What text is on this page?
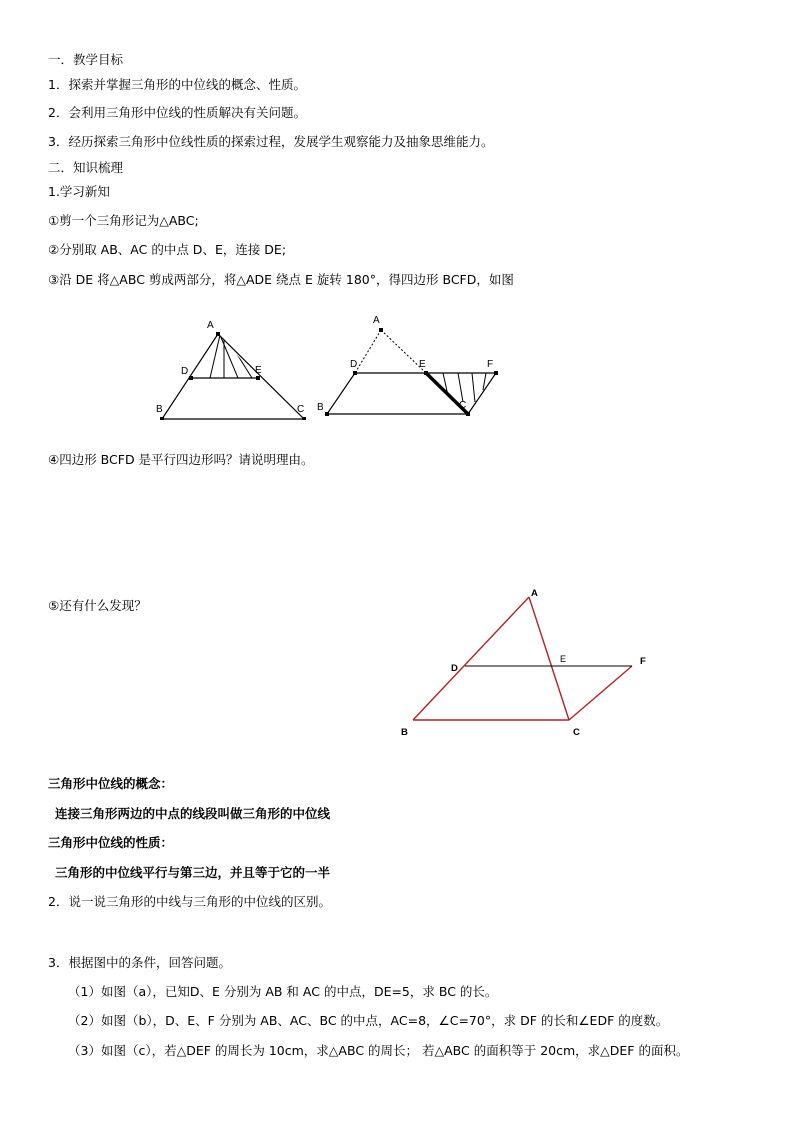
一．教学目标
1．探索并掌握三角形的中位线的概念、性质。
2．会利用三角形中位线的性质解决有关问题。
3．经历探索三角形中位线性质的探索过程，发展学生观察能力及抽象思维能力。
二．知识梳理
1.学习新知
①剪一个三角形记为△ABC;
②分别取 AB、AC 的中点 D、E，连接 DE;
③沿 DE 将△ABC 剪成两部分，将△ADE 绕点 E 旋转 180°，得四边形 BCFD，如图
A
D	E
B	C
A
D	E	F
B	C
④四边形 BCFD 是平行四边形吗？请说明理由。
⑤还有什么发现？
A
D
E	F
B	C
三角形中位线的概念：
连接三角形两边的中点的线段叫做三角形的中位线
三角形中位线的性质：
三角形的中位线平行与第三边，并且等于它的一半
2．说一说三角形的中线与三角形的中位线的区别。
3．根据图中的条件，回答问题。
（1）如图（a），已知D、E 分别为 AB 和 AC 的中点，DE=5，求 BC 的长。
（2）如图（b），D、E、F 分别为 AB、AC、BC 的中点，AC=8，∠C=70°，求 DF 的长和∠EDF 的度数。
（3）如图（c），若△DEF 的周长为 10cm，求△ABC 的周长； 若△ABC 的面积等于 20cm，求△DEF 的面积。
